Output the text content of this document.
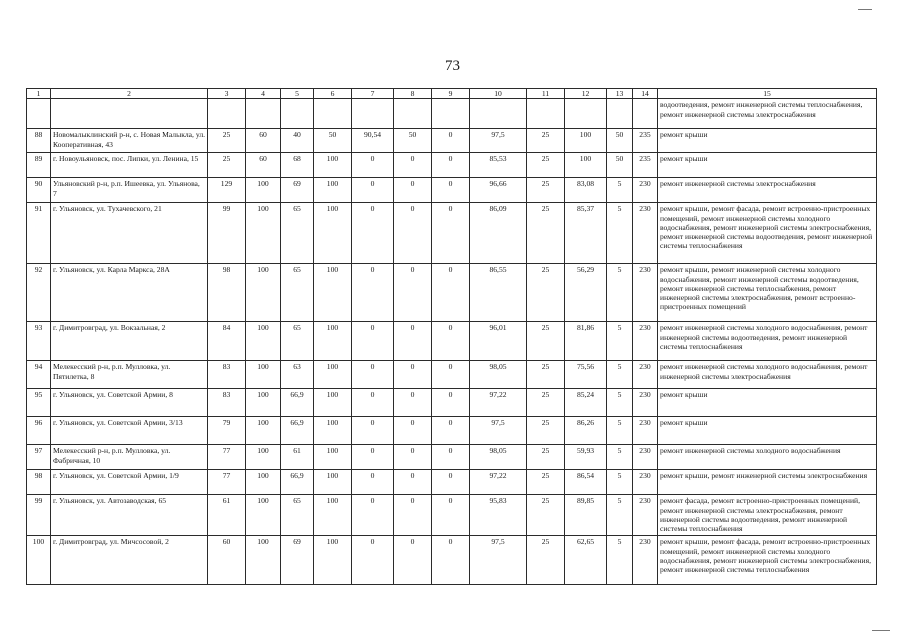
73
1	2	3	4	5	6	7	8	9	10	11	12	13	14	15
														водоотведения, ремонт инженерной системы теплоснабжения, ремонт инженерной системы электроснабжения
88	Новомалыклинский р-н, с. Новая Малыкла, ул. Кооперативная, 43	25	60	40	50	90,54	50	0	97,5	25	100	50	235	ремонт крыши
89	г. Новоульяновск, пос. Липки, ул. Ленина, 15	25	60	68	100	0	0	0	85,53	25	100	50	235	ремонт крыши
90	Ульяновский р-н, р.п. Ишеевка, ул. Ульянова, 7	129	100	69	100	0	0	0	96,66	25	83,08	5	230	ремонт инженерной системы электроснабжения
91	г. Ульяновск, ул. Тухачевского, 21	99	100	65	100	0	0	0	86,09	25	85,37	5	230	ремонт крыши, ремонт фасада, ремонт встроенно-пристроенных помещений, ремонт инженерной системы холодного водоснабжения, ремонт инженерной системы электроснабжения, ремонт инженерной системы водоотведения, ремонт инженерной системы теплоснабжения
92	г. Ульяновск, ул. Карла Маркса, 28А	98	100	65	100	0	0	0	86,55	25	56,29	5	230	ремонт крыши, ремонт инженерной системы холодного водоснабжения, ремонт инженерной системы водоотведения, ремонт инженерной системы теплоснабжения, ремонт инженерной системы электроснабжения, ремонт встроенно-пристроенных помещений
93	г. Димитровград, ул. Вокзальная, 2	84	100	65	100	0	0	0	96,01	25	81,86	5	230	ремонт инженерной системы холодного водоснабжения, ремонт инженерной системы водоотведения, ремонт инженерной системы теплоснабжения
94	Мелекесский р-н, р.п. Мулловка, ул. Пятилетка, 8	83	100	63	100	0	0	0	98,05	25	75,56	5	230	ремонт инженерной системы холодного водоснабжения, ремонт инженерной системы электроснабжения
95	г. Ульяновск, ул. Советской Армии, 8	83	100	66,9	100	0	0	0	97,22	25	85,24	5	230	ремонт крыши
96	г. Ульяновск, ул. Советской Армии, 3/13	79	100	66,9	100	0	0	0	97,5	25	86,26	5	230	ремонт крыши
97	Мелекесский р-н, р.п. Мулловка, ул. Фабричная, 10	77	100	61	100	0	0	0	98,05	25	59,93	5	230	ремонт инженерной системы холодного водоснабжения
98	г. Ульяновск, ул. Советской Армии, 1/9	77	100	66,9	100	0	0	0	97,22	25	86,54	5	230	ремонт крыши, ремонт инженерной системы электроснабжения
99	г. Ульяновск, ул. Автозаводская, 65	61	100	65	100	0	0	0	95,83	25	89,85	5	230	ремонт фасада, ремонт встроенно-пристроенных помещений, ремонт инженерной системы электроснабжения, ремонт инженерной системы водоотведения, ремонт инженерной системы теплоснабжения
100	г. Димитровград, ул. Мичсосовой, 2	60	100	69	100	0	0	0	97,5	25	62,65	5	230	ремонт крыши, ремонт фасада, ремонт встроенно-пристроенных помещений, ремонт инженерной системы холодного водоснабжения, ремонт инженерной системы электроснабжения, ремонт инженерной системы теплоснабжения
